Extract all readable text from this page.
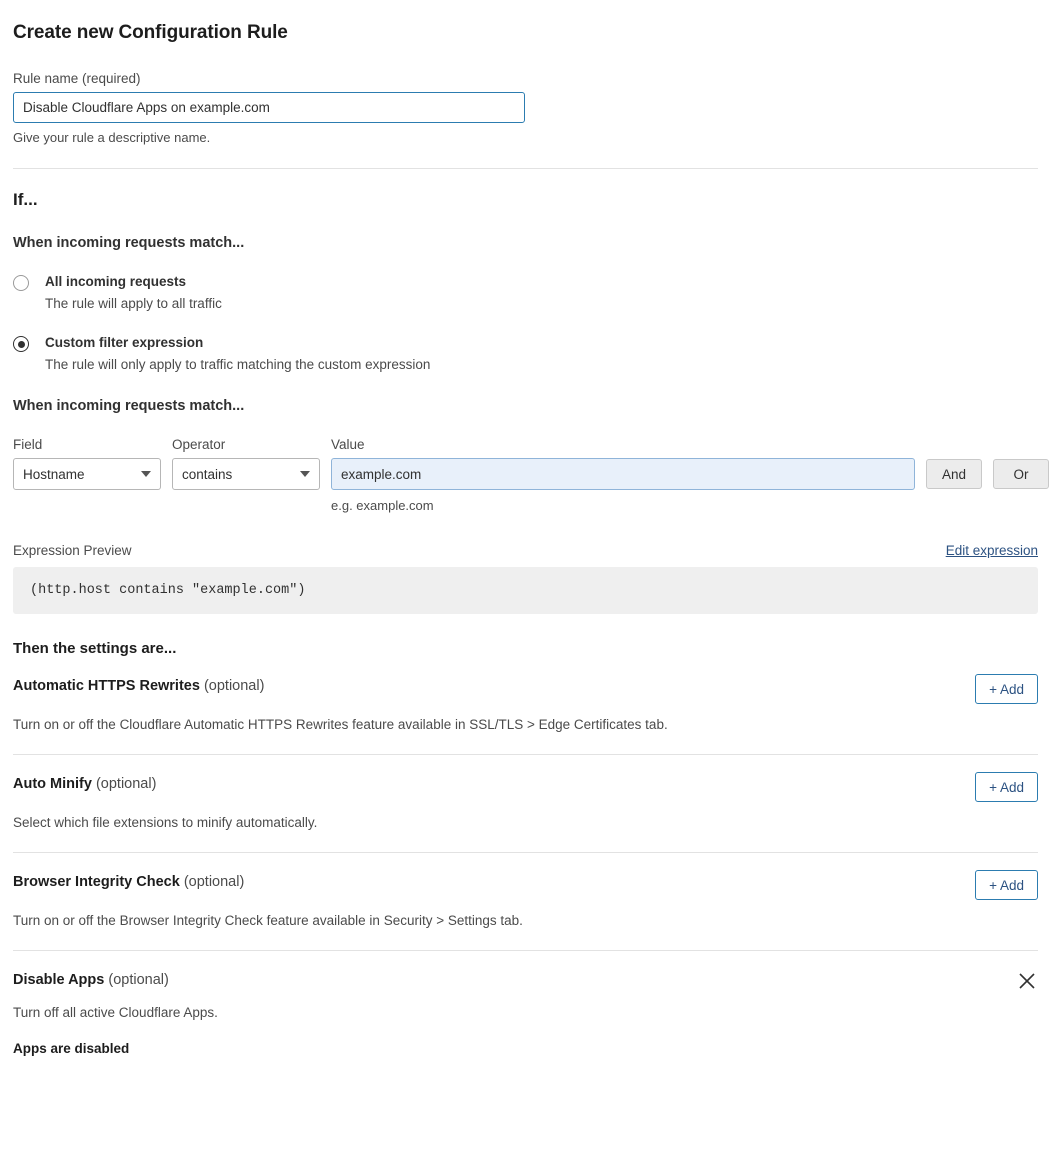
Create new Configuration Rule
Rule name (required)
Disable Cloudflare Apps on example.com
Give your rule a descriptive name.
If...
When incoming requests match...
All incoming requests
The rule will apply to all traffic
Custom filter expression
The rule will only apply to traffic matching the custom expression
When incoming requests match...
Field
Hostname
Operator
contains
Value
example.com
e.g. example.com
And	Or
Expression Preview	Edit expression
(http.host contains "example.com")
Then the settings are...
Automatic HTTPS Rewrites (optional)	+ Add
Turn on or off the Cloudflare Automatic HTTPS Rewrites feature available in SSL/TLS > Edge Certificates tab.
Auto Minify (optional)	+ Add
Select which file extensions to minify automatically.
Browser Integrity Check (optional)	+ Add
Turn on or off the Browser Integrity Check feature available in Security > Settings tab.
Disable Apps (optional)
Turn off all active Cloudflare Apps.
Apps are disabled
